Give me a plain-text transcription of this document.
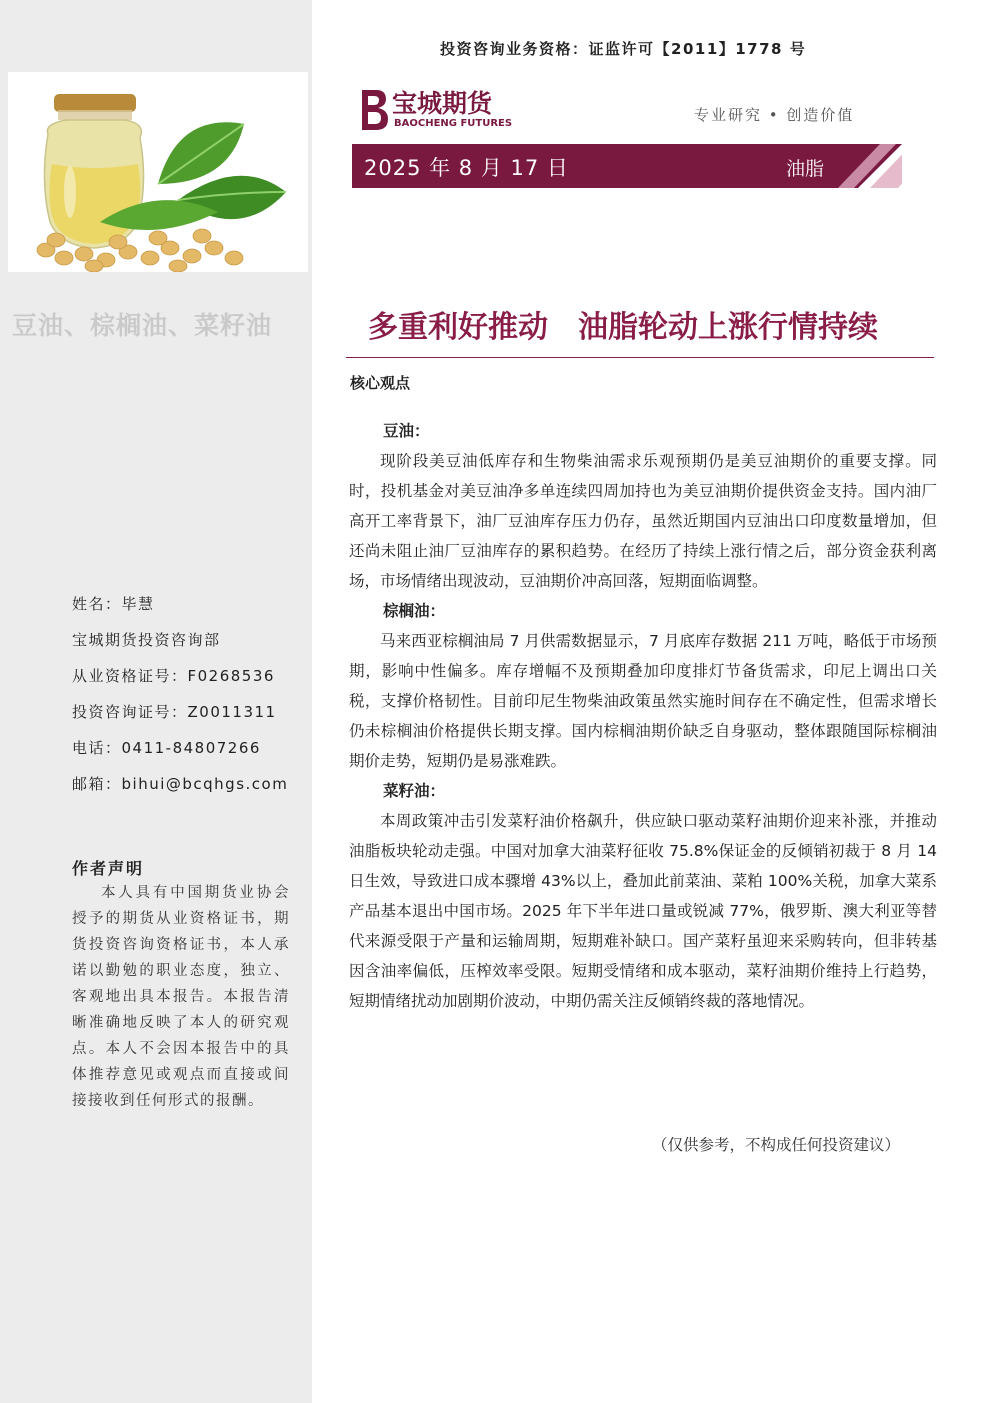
豆油、棕榈油、菜籽油
姓名：毕慧
宝城期货投资咨询部
从业资格证号：F0268536
投资咨询证号：Z0011311
电话：0411-84807266
邮箱：bihui@bcqhgs.com
作者声明
本人具有中国期货业协会授予的期货从业资格证书，期货投资咨询资格证书，本人承诺以勤勉的职业态度，独立、客观地出具本报告。本报告清晰准确地反映了本人的研究观点。本人不会因本报告中的具体推荐意见或观点而直接或间接接收到任何形式的报酬。
投资咨询业务资格：证监许可【2011】1778 号
宝城期货
BAOCHENG FUTURES	专业研究 • 创造价值
2025 年 8 月 17 日	油脂
多重利好推动　油脂轮动上涨行情持续
核心观点
豆油：

现阶段美豆油低库存和生物柴油需求乐观预期仍是美豆油期价的重要支撑。同时，投机基金对美豆油净多单连续四周加持也为美豆油期价提供资金支持。国内油厂高开工率背景下，油厂豆油库存压力仍存，虽然近期国内豆油出口印度数量增加，但还尚未阻止油厂豆油库存的累积趋势。在经历了持续上涨行情之后，部分资金获利离场，市场情绪出现波动，豆油期价冲高回落，短期面临调整。

棕榈油：

马来西亚棕榈油局 7 月供需数据显示，7 月底库存数据 211 万吨，略低于市场预期，影响中性偏多。库存增幅不及预期叠加印度排灯节备货需求，印尼上调出口关税，支撑价格韧性。目前印尼生物柴油政策虽然实施时间存在不确定性，但需求增长仍未棕榈油价格提供长期支撑。国内棕榈油期价缺乏自身驱动，整体跟随国际棕榈油期价走势，短期仍是易涨难跌。

菜籽油：

本周政策冲击引发菜籽油价格飙升，供应缺口驱动菜籽油期价迎来补涨，并推动油脂板块轮动走强。中国对加拿大油菜籽征收 75.8%保证金的反倾销初裁于 8 月 14 日生效，导致进口成本骤增 43%以上，叠加此前菜油、菜粕 100%关税，加拿大菜系产品基本退出中国市场。2025 年下半年进口量或锐减 77%，俄罗斯、澳大利亚等替代来源受限于产量和运输周期，短期难补缺口。国产菜籽虽迎来采购转向，但非转基因含油率偏低，压榨效率受限。短期受情绪和成本驱动，菜籽油期价维持上行趋势，短期情绪扰动加剧期价波动，中期仍需关注反倾销终裁的落地情况。

（仅供参考，不构成任何投资建议）
